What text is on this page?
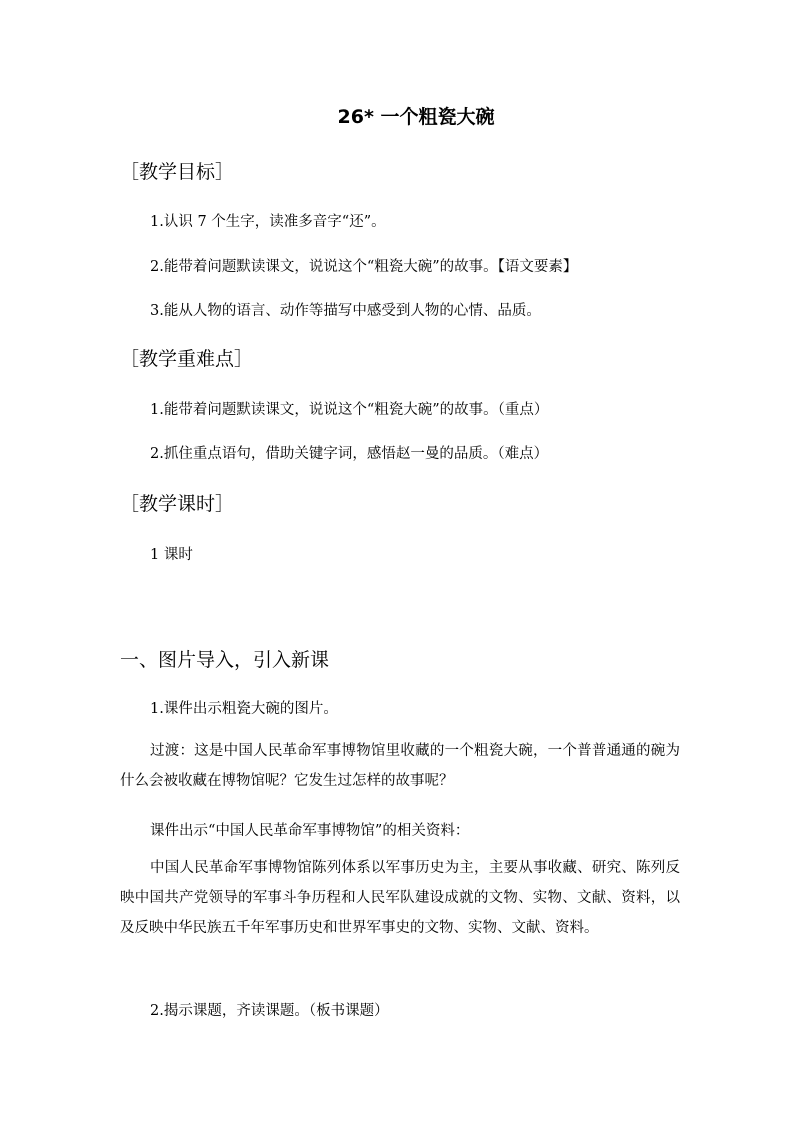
26* 一个粗瓷大碗
［教学目标］
1.认识 7 个生字，读准多音字“还”。
2.能带着问题默读课文，说说这个“粗瓷大碗”的故事。【语文要素】
3.能从人物的语言、动作等描写中感受到人物的心情、品质。
［教学重难点］
1.能带着问题默读课文，说说这个“粗瓷大碗”的故事。（重点）
2.抓住重点语句，借助关键字词，感悟赵一曼的品质。（难点）
［教学课时］
1 课时
一、图片导入，引入新课
1.课件出示粗瓷大碗的图片。
过渡：这是中国人民革命军事博物馆里收藏的一个粗瓷大碗，一个普普通通的碗为什么会被收藏在博物馆呢？它发生过怎样的故事呢？
课件出示“中国人民革命军事博物馆”的相关资料：
中国人民革命军事博物馆陈列体系以军事历史为主，主要从事收藏、研究、陈列反映中国共产党领导的军事斗争历程和人民军队建设成就的文物、实物、文献、资料，以及反映中华民族五千年军事历史和世界军事史的文物、实物、文献、资料。
2.揭示课题，齐读课题。（板书课题）
